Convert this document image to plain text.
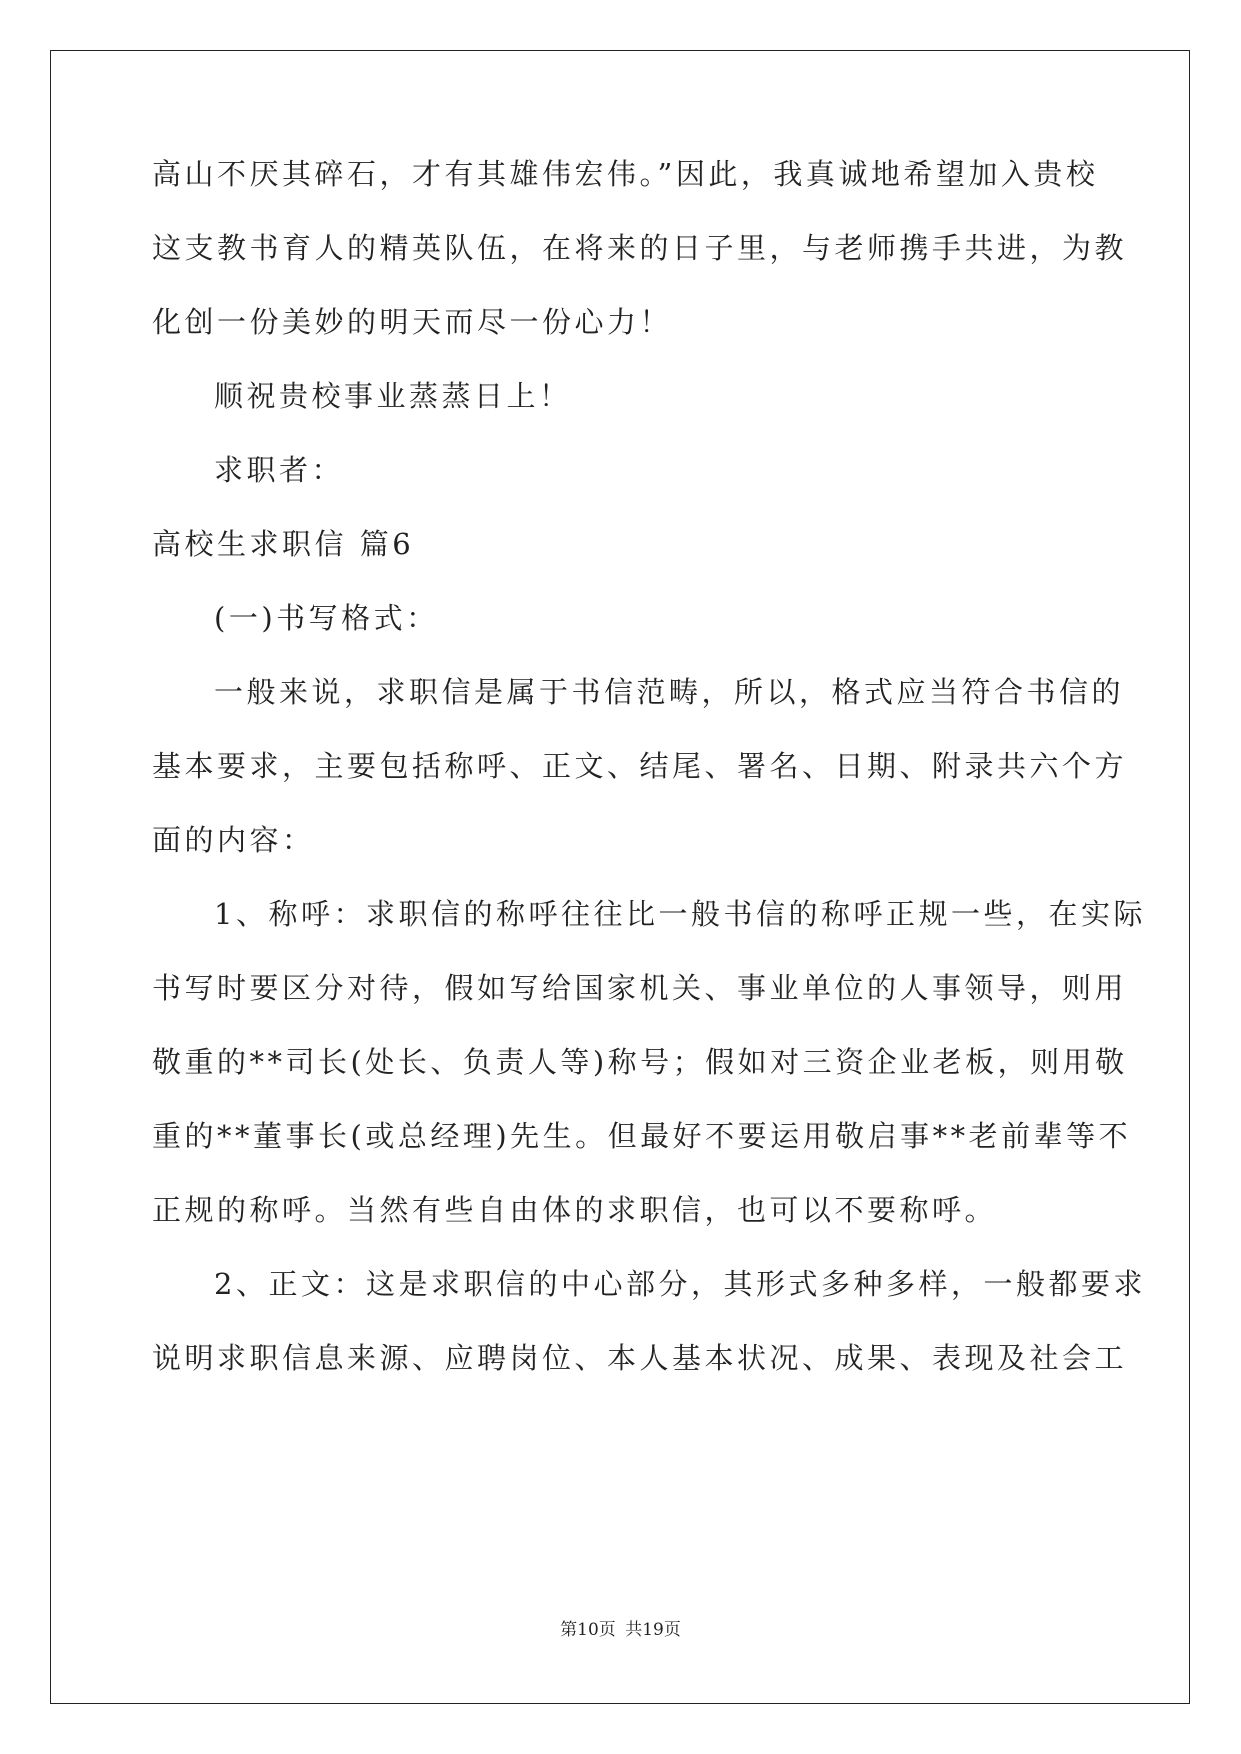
高山不厌其碎石，才有其雄伟宏伟。”因此，我真诚地希望加入贵校
这支教书育人的精英队伍，在将来的日子里，与老师携手共进，为教
化创一份美妙的明天而尽一份心力！
顺祝贵校事业蒸蒸日上！
求职者：
高校生求职信 篇6
(一)书写格式：
一般来说，求职信是属于书信范畴，所以，格式应当符合书信的
基本要求，主要包括称呼、正文、结尾、署名、日期、附录共六个方
面的内容：
1、称呼：求职信的称呼往往比一般书信的称呼正规一些，在实际
书写时要区分对待，假如写给国家机关、事业单位的人事领导，则用
敬重的**司长(处长、负责人等)称号；假如对三资企业老板，则用敬
重的**董事长(或总经理)先生。但最好不要运用敬启事**老前辈等不
正规的称呼。当然有些自由体的求职信，也可以不要称呼。
2、正文：这是求职信的中心部分，其形式多种多样，一般都要求
说明求职信息来源、应聘岗位、本人基本状况、成果、表现及社会工
第10页 共19页
